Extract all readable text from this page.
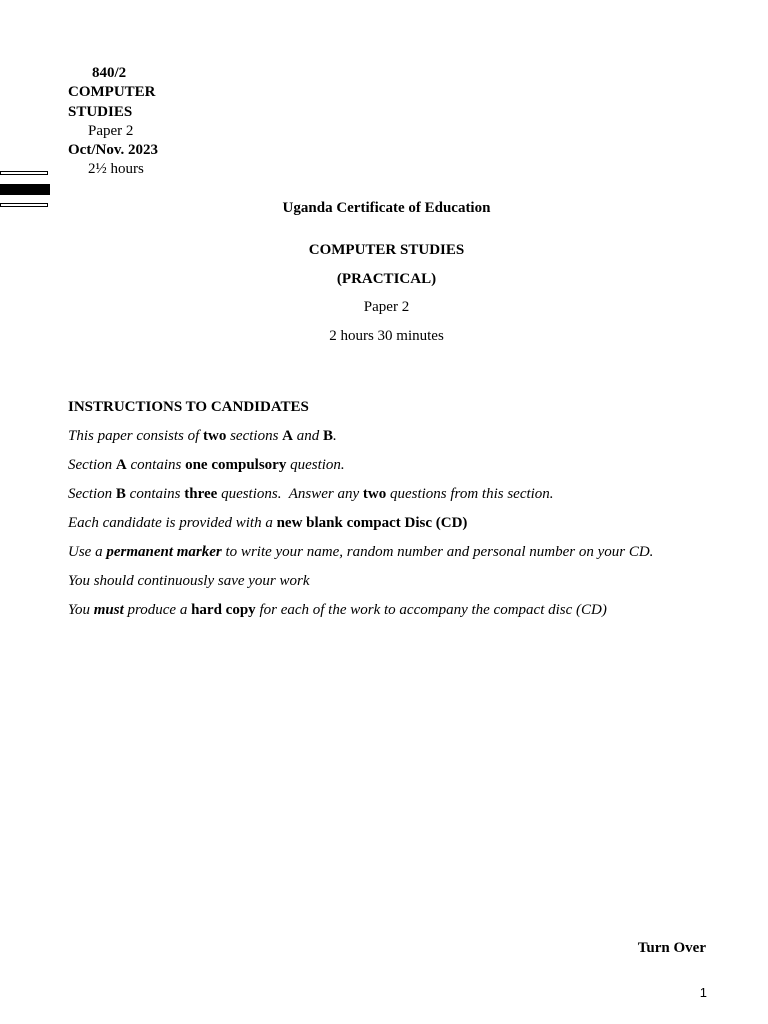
840/2
COMPUTER
STUDIES
Paper 2
Oct/Nov. 2023
2½ hours
Uganda Certificate of Education
COMPUTER STUDIES
(PRACTICAL)
Paper 2
2 hours 30 minutes
INSTRUCTIONS TO CANDIDATES
This paper consists of two sections A and B.
Section A contains one compulsory question.
Section B contains three questions.  Answer any two questions from this section.
Each candidate is provided with a new blank compact Disc (CD)
Use a permanent marker to write your name, random number and personal number on your CD.
You should continuously save your work
You must produce a hard copy for each of the work to accompany the compact disc (CD)
Turn Over
1
